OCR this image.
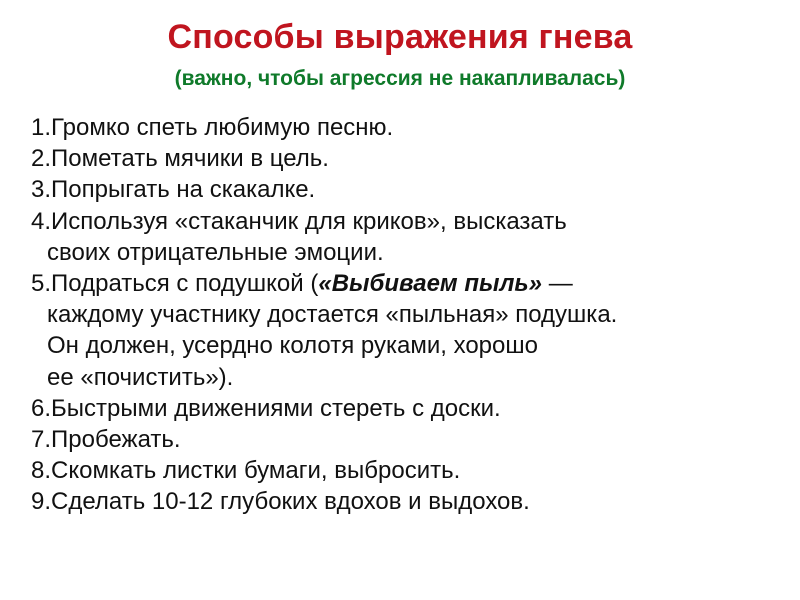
Способы выражения гнева
(важно, чтобы агрессия не накапливалась)
1.Громко спеть любимую песню.
2.Пометать мячики в цель.
3.Попрыгать на скакалке.
4.Используя «стаканчик для криков», высказать
своих отрицательные эмоции.
5.Подраться с подушкой («Выбиваем пыль» —
каждому участнику достается «пыльная» подушка.
Он должен, усердно колотя руками, хорошо
ее «почистить»).
6.Быстрыми движениями стереть с доски.
7.Пробежать.
8.Скомкать листки бумаги, выбросить.
9.Сделать 10-12 глубоких вдохов и выдохов.
